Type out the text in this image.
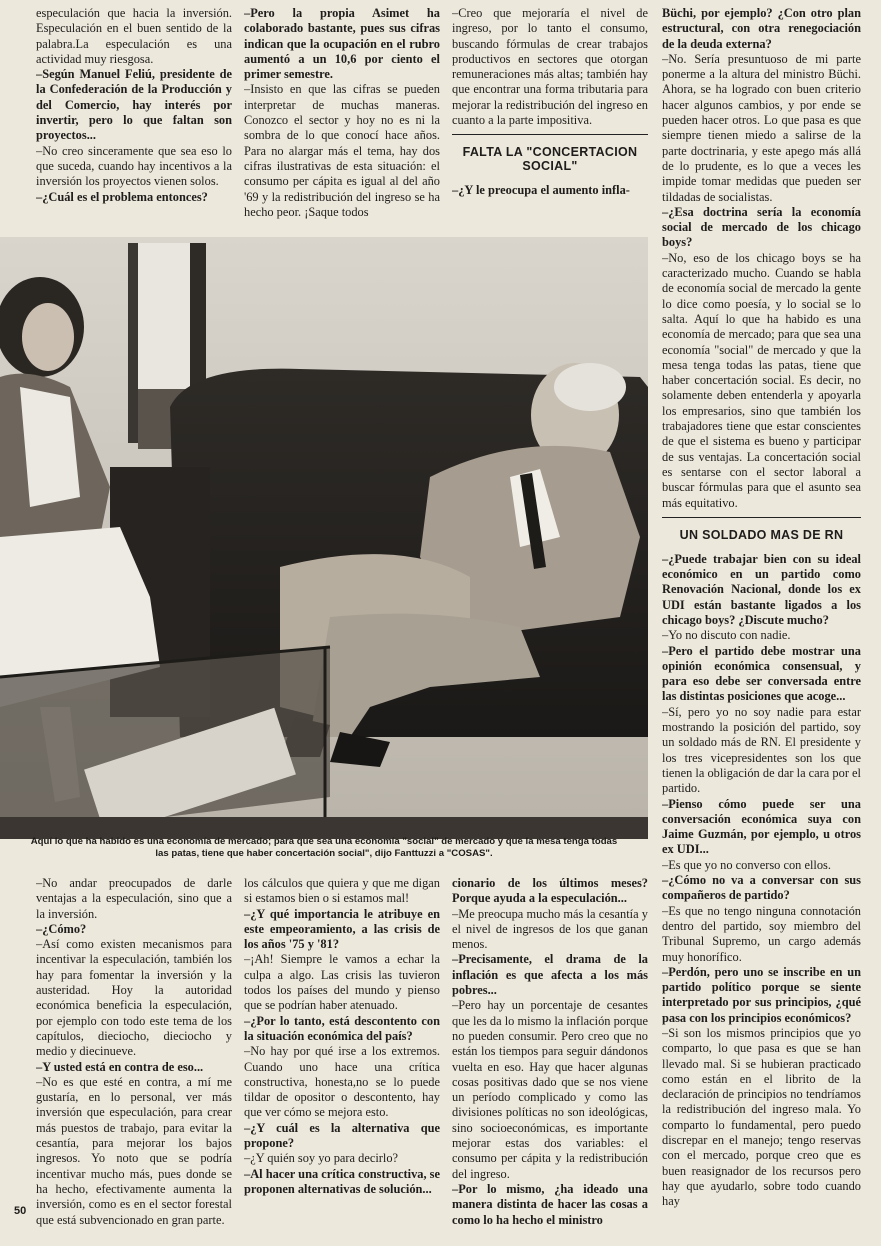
especulación que hacia la inversión. Especulación en el buen sentido de la palabra.La especulación es una actividad muy riesgosa.

–Según Manuel Feliú, presidente de la Confederación de la Producción y del Comercio, hay interés por invertir, pero lo que faltan son proyectos...

–No creo sinceramente que sea eso lo que suceda, cuando hay incentivos a la inversión los proyectos vienen solos.

–¿Cuál es el problema entonces?

–Pero la propia Asimet ha colaborado bastante, pues sus cifras indican que la ocupación en el rubro aumentó a un 10,6 por ciento el primer semestre.

–Insisto en que las cifras se pueden interpretar de muchas maneras. Conozco el sector y hoy no es ni la sombra de lo que conocí hace años. Para no alargar más el tema, hay dos cifras ilustrativas de esta situación: el consumo per cápita es igual al del año '69 y la redistribución del ingreso se ha hecho peor. ¡Saque todos

–Creo que mejoraría el nivel de ingreso, por lo tanto el consumo, buscando fórmulas de crear trabajos productivos en sectores que otorgan remuneraciones más altas; también hay que encontrar una forma tributaria para mejorar la redistribución del ingreso en cuanto a la parte impositiva.

FALTA LA "CONCERTACION SOCIAL"

–¿Y le preocupa el aumento infla-

Büchi, por ejemplo? ¿Con otro plan estructural, con otra renegociación de la deuda externa?

–No. Sería presuntuoso de mi parte ponerme a la altura del ministro Büchi. Ahora, se ha logrado con buen criterio hacer algunos cambios, y por ende se pueden hacer otros. Lo que pasa es que siempre tienen miedo a salirse de la parte doctrinaria, y este apego más allá de lo prudente, es lo que a veces les impide tomar medidas que pueden ser tildadas de socialistas.

–¿Esa doctrina sería la economía social de mercado de los chicago boys?

–No, eso de los chicago boys se ha caracterizado mucho. Cuando se habla de economía social de mercado la gente lo dice como poesía, y lo social se lo salta. Aquí lo que ha habido es una economía de mercado; para que sea una economía "social" de mercado y que la mesa tenga todas las patas, tiene que haber concertación social. Es decir, no solamente deben entenderla y apoyarla los empresarios, sino que también los trabajadores tiene que estar conscientes de que el sistema es bueno y participar de sus ventajas. La concertación social es sentarse con el sector laboral a buscar fórmulas para que el asunto sea más equitativo.

UN SOLDADO MAS DE RN

–¿Puede trabajar bien con su ideal económico en un partido como Renovación Nacional, donde los ex UDI están bastante ligados a los chicago boys? ¿Discute mucho?

–Yo no discuto con nadie.

–Pero el partido debe mostrar una opinión económica consensual, y para eso debe ser conversada entre las distintas posiciones que acoge...

–Sí, pero yo no soy nadie para estar mostrando la posición del partido, soy un soldado más de RN. El presidente y los tres vicepresidentes son los que tienen la obligación de dar la cara por el partido.

–Pienso cómo puede ser una conversación económica suya con Jaime Guzmán, por ejemplo, u otros ex UDI...

–Es que yo no converso con ellos.

–¿Cómo no va a conversar con sus compañeros de partido?

–Es que no tengo ninguna connotación dentro del partido, soy miembro del Tribunal Supremo, un cargo además muy honorífico.

–Perdón, pero uno se inscribe en un partido político porque se siente interpretado por sus principios, ¿qué pasa con los principios económicos?

–Si son los mismos principios que yo comparto, lo que pasa es que se han llevado mal. Si se hubieran practicado como están en el librito de la declaración de principios no tendríamos la redistribución del ingreso mala. Yo comparto lo fundamental, pero puedo discrepar en el manejo; tengo reservas con el mercado, porque creo que es buen reasignador de los recursos pero hay que ayudarlo, sobre todo cuando hay

Aquí lo que ha habido es una economía de mercado; para que sea una economía "social" de mercado y que la mesa tenga todas las patas, tiene que haber concertación social", dijo Fanttuzzi a "COSAS".

–No andar preocupados de darle ventajas a la especulación, sino que a la inversión.

–¿Cómo?

–Así como existen mecanismos para incentivar la especulación, también los hay para fomentar la inversión y la austeridad. Hoy la autoridad económica beneficia la especulación, por ejemplo con todo este tema de los capítulos, dieciocho, dieciocho y medio y diecinueve.

–Y usted está en contra de eso...

–No es que esté en contra, a mí me gustaría, en lo personal, ver más inversión que especulación, para crear más puestos de trabajo, para evitar la cesantía, para mejorar los bajos ingresos. Yo noto que se podría incentivar mucho más, pues donde se ha hecho, efectivamente aumenta la inversión, como es en el sector forestal que está subvencionado en gran parte.

los cálculos que quiera y que me digan si estamos bien o si estamos mal!

–¿Y qué importancia le atribuye en este empeoramiento, a las crisis de los años '75 y '81?

–¡Ah! Siempre le vamos a echar la culpa a algo. Las crisis las tuvieron todos los países del mundo y pienso que se podrían haber atenuado.

–¿Por lo tanto, está descontento con la situación económica del país?

–No hay por qué irse a los extremos. Cuando uno hace una crítica constructiva, honesta,no se lo puede tildar de opositor o descontento, hay que ver cómo se mejora esto.

–¿Y cuál es la alternativa que propone?

–¿Y quién soy yo para decirlo?

–Al hacer una crítica constructiva, se proponen alternativas de solución...

cionario de los últimos meses? Porque ayuda a la especulación...

–Me preocupa mucho más la cesantía y el nivel de ingresos de los que ganan menos.

–Precisamente, el drama de la inflación es que afecta a los más pobres...

–Pero hay un porcentaje de cesantes que les da lo mismo la inflación porque no pueden consumir. Pero creo que no están los tiempos para seguir dándonos vuelta en eso. Hay que hacer algunas cosas positivas dado que se nos viene un período complicado y como las divisiones políticas no son ideológicas, sino socioeconómicas, es importante mejorar estas dos variables: el consumo per cápita y la redistribución del ingreso.

–Por lo mismo, ¿ha ideado una manera distinta de hacer las cosas a como lo ha hecho el ministro

50
